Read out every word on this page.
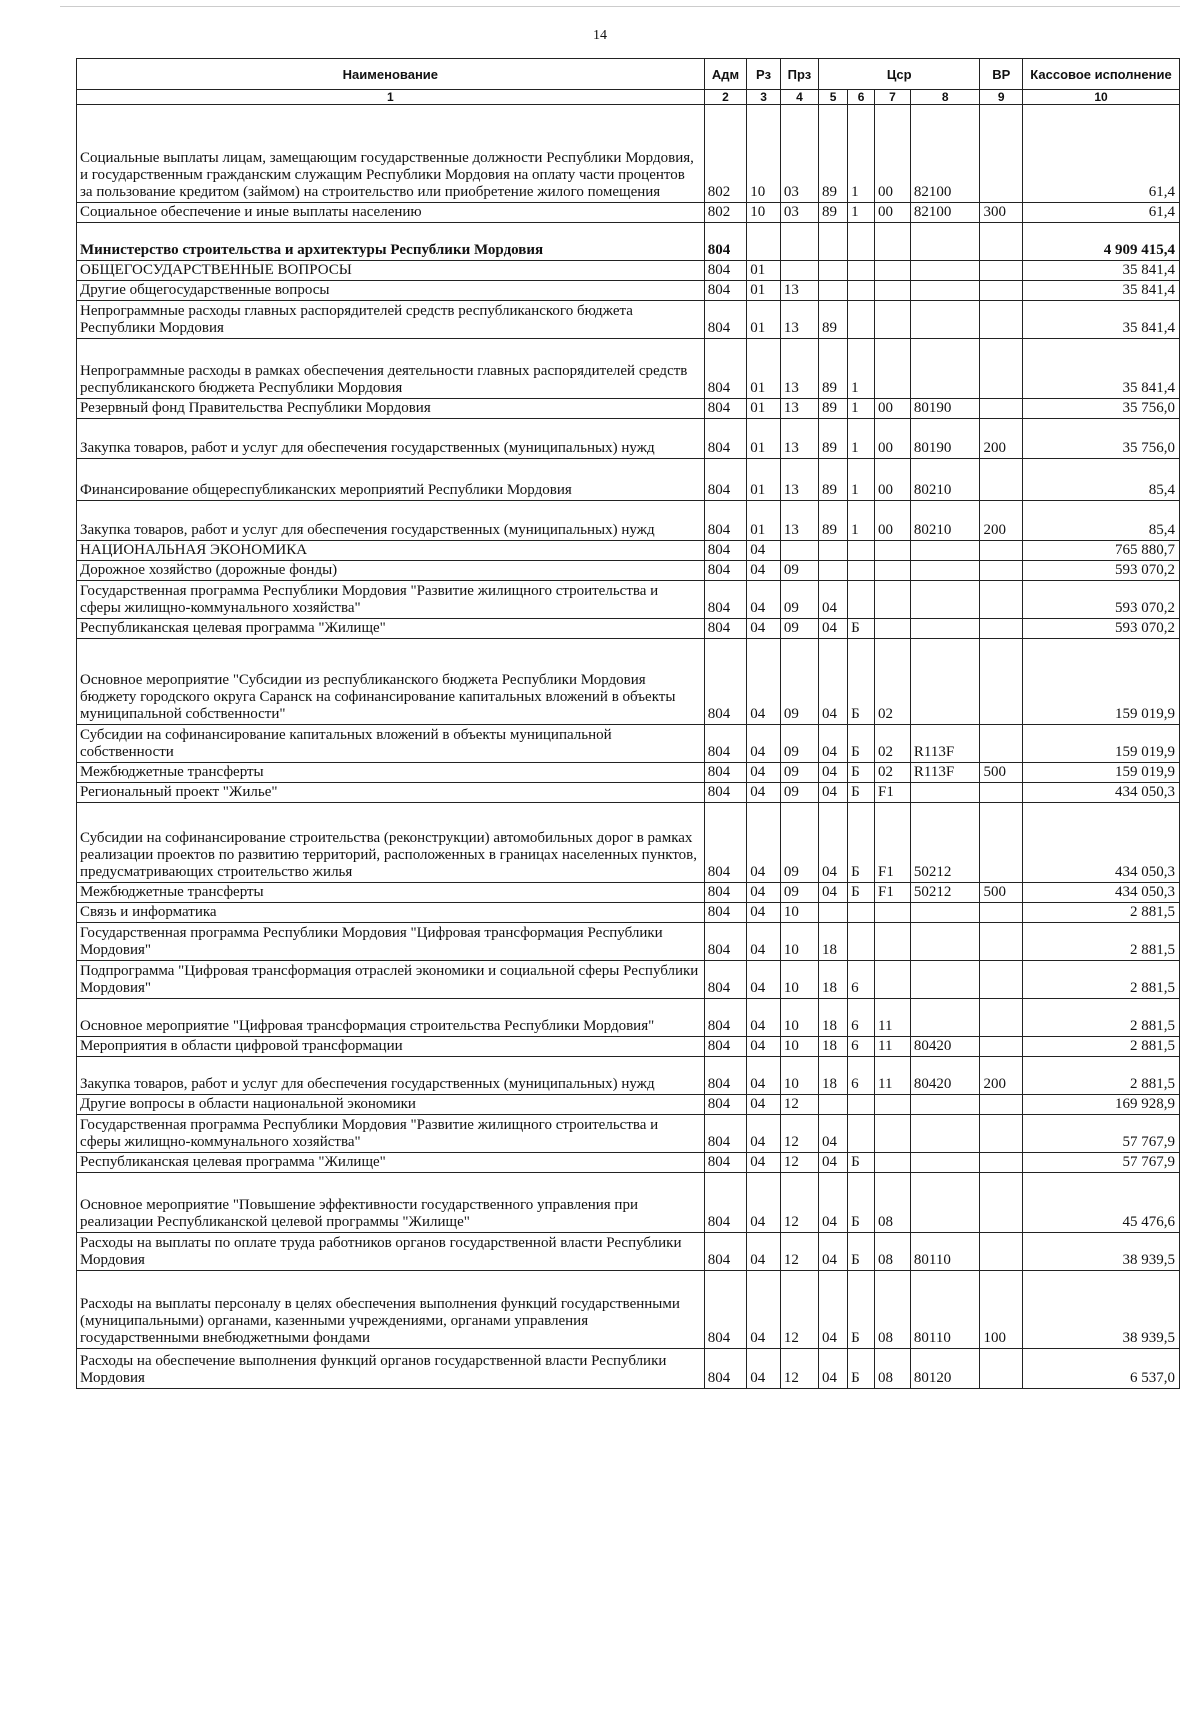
14
Наименование	Адм	Рз	Прз	Цср				ВР	Кассовое исполнение
1	2	3	4	5	6	7	8	9	10
Социальные выплаты лицам, замещающим государственные должности Республики Мордовия, и государственным гражданским служащим Республики Мордовия на оплату части процентов за пользование кредитом (займом) на строительство или приобретение жилого помещения	802	10	03	89	1	00	82100		61,4
Социальное обеспечение и иные выплаты населению	802	10	03	89	1	00	82100	300	61,4
Министерство строительства и архитектуры Республики Мордовия	804								4 909 415,4
ОБЩЕГОСУДАРСТВЕННЫЕ ВОПРОСЫ	804	01							35 841,4
Другие общегосударственные вопросы	804	01	13						35 841,4
Непрограммные расходы главных распорядителей средств республиканского бюджета Республики Мордовия	804	01	13	89					35 841,4
Непрограммные расходы в рамках обеспечения деятельности главных распорядителей средств республиканского бюджета Республики Мордовия	804	01	13	89	1				35 841,4
Резервный фонд Правительства Республики Мордовия	804	01	13	89	1	00	80190		35 756,0
Закупка товаров, работ и услуг для обеспечения государственных (муниципальных) нужд	804	01	13	89	1	00	80190	200	35 756,0
Финансирование общереспубликанских мероприятий Республики Мордовия	804	01	13	89	1	00	80210		85,4
Закупка товаров, работ и услуг для обеспечения государственных (муниципальных) нужд	804	01	13	89	1	00	80210	200	85,4
НАЦИОНАЛЬНАЯ ЭКОНОМИКА	804	04							765 880,7
Дорожное хозяйство (дорожные фонды)	804	04	09						593 070,2
Государственная программа Республики Мордовия "Развитие жилищного строительства и сферы жилищно-коммунального хозяйства"	804	04	09	04					593 070,2
Республиканская целевая программа "Жилище"	804	04	09	04	Б				593 070,2
Основное мероприятие "Субсидии из республиканского бюджета Республики Мордовия бюджету городского округа Саранск на софинансирование капитальных вложений в объекты муниципальной собственности"	804	04	09	04	Б	02			159 019,9
Субсидии на софинансирование капитальных вложений в объекты муниципальной собственности	804	04	09	04	Б	02	R113F		159 019,9
Межбюджетные трансферты	804	04	09	04	Б	02	R113F	500	159 019,9
Региональный проект "Жилье"	804	04	09	04	Б	F1			434 050,3
Субсидии на софинансирование строительства (реконструкции) автомобильных дорог в рамках реализации проектов по развитию территорий, расположенных в границах населенных пунктов, предусматривающих строительство жилья	804	04	09	04	Б	F1	50212		434 050,3
Межбюджетные трансферты	804	04	09	04	Б	F1	50212	500	434 050,3
Связь и информатика	804	04	10						2 881,5
Государственная программа Республики Мордовия "Цифровая трансформация Республики Мордовия"	804	04	10	18					2 881,5
Подпрограмма "Цифровая трансформация отраслей экономики и социальной сферы Республики Мордовия"	804	04	10	18	6				2 881,5
Основное мероприятие "Цифровая трансформация строительства Республики Мордовия"	804	04	10	18	6	11			2 881,5
Мероприятия в области цифровой трансформации	804	04	10	18	6	11	80420		2 881,5
Закупка товаров, работ и услуг для обеспечения государственных (муниципальных) нужд	804	04	10	18	6	11	80420	200	2 881,5
Другие вопросы в области национальной экономики	804	04	12						169 928,9
Государственная программа Республики Мордовия "Развитие жилищного строительства и сферы жилищно-коммунального хозяйства"	804	04	12	04					57 767,9
Республиканская целевая программа "Жилище"	804	04	12	04	Б				57 767,9
Основное мероприятие "Повышение эффективности государственного управления при реализации Республиканской целевой программы "Жилище"	804	04	12	04	Б	08			45 476,6
Расходы на выплаты по оплате труда работников органов государственной власти Республики Мордовия	804	04	12	04	Б	08	80110		38 939,5
Расходы на выплаты персоналу в целях обеспечения выполнения функций государственными (муниципальными) органами, казенными учреждениями, органами управления государственными внебюджетными фондами	804	04	12	04	Б	08	80110	100	38 939,5
Расходы на обеспечение выполнения функций органов государственной власти Республики Мордовия	804	04	12	04	Б	08	80120		6 537,0
